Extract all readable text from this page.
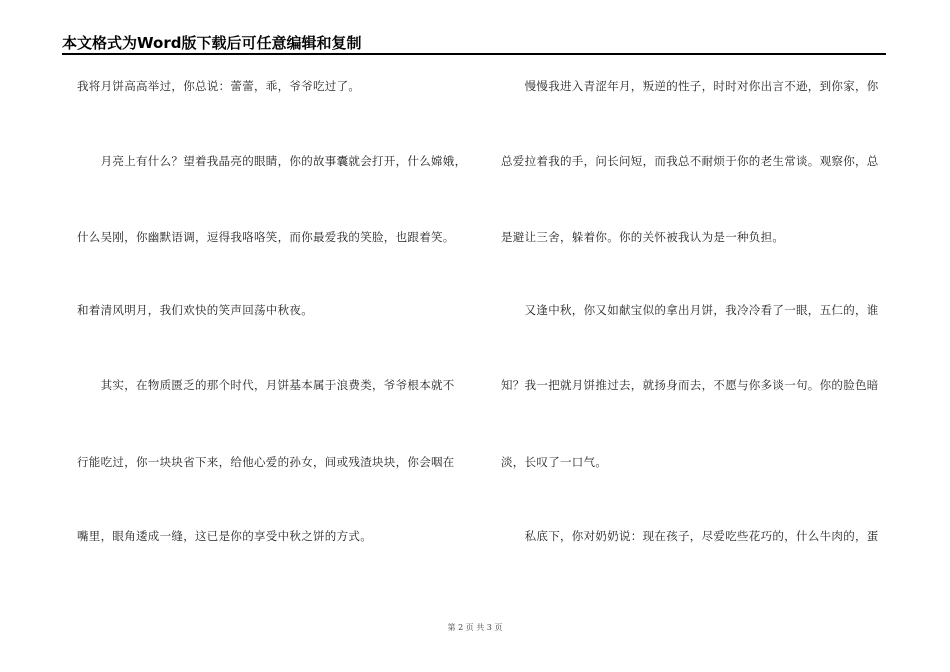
本文格式为Word版下载后可任意编辑和复制
我将月饼高高举过，你总说：蕾蕾，乖，爷爷吃过了。
　　月亮上有什么？望着我晶亮的眼睛，你的故事囊就会打开，什么嫦娥，
什么吴刚，你幽默语调，逗得我咯咯笑，而你最爱我的笑脸，也跟着笑。
和着清风明月，我们欢快的笑声回荡中秋夜。
　　其实，在物质匮乏的那个时代，月饼基本属于浪费类，爷爷根本就不
行能吃过，你一块块省下来，给他心爱的孙女，间或残渣块块，你会咽在
嘴里，眼角逶成一缝，这已是你的享受中秋之饼的方式。
　　慢慢我进入青涩年月，叛逆的性子，时时对你出言不逊，到你家，你
总爱拉着我的手，问长问短，而我总不耐烦于你的老生常谈。观察你，总
是避让三舍，躲着你。你的关怀被我认为是一种负担。
　　又逢中秋，你又如献宝似的拿出月饼，我冷冷看了一眼，五仁的，谁
知？我一把就月饼推过去，就扬身而去，不愿与你多谈一句。你的脸色暗
淡，长叹了一口气。
　　私底下，你对奶奶说：现在孩子，尽爱吃些花巧的，什么牛肉的，蛋
第 2 页 共 3 页
